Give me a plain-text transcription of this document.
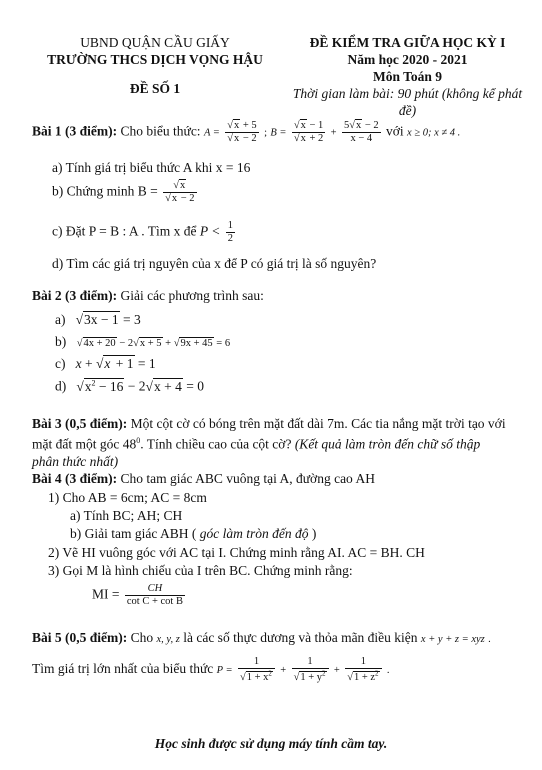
UBND QUẬN CẦU GIẤY
TRƯỜNG THCS DỊCH VỌNG HẬU
ĐỀ SỐ 1
ĐỀ KIỂM TRA GIỮA HỌC KỲ I
Năm học 2020 - 2021
Môn Toán 9
Thời gian làm bài: 90 phút (không kể phát đề)
Bài 1 (3 điểm): Cho biểu thức: A =
√ x + 5
√ x − 2 ; B =
√ x − 1
√ $x + 2 + \frac{5√ x - 2}{x - 4}$ với x ≥ 0; x ≠ 4 .
a) Tính giá trị biểu thức A khi x = 16
b) Chứng minh B =
√ x
√ x − 2
c) Đặt P = B : A . Tìm x để $P < \frac{1}{2}$
d) Tìm các giá trị nguyên của x để P có giá trị là số nguyên?
Bài 2 (3 điểm): Giải các phương trình sau:
a)   √ 3x − 1 = 3
b)    √ 4x + 20 − 2√ x + 5 + √ 9x + 45 = 6
c) x + √ x + 1 = 1
d)   √ $x^2 - 16 - 2√$ x + 4 = 0
Bài 3 (0,5 điểm): Một cột cờ có bóng trên mặt đất dài 7m. Các tia nắng mặt trời tạo với
mặt đất một góc $48^0$. Tính chiều cao của cột cờ? (Kết quả làm tròn đến chữ số thập
phân thức nhất)
Bài 4 (3 điểm): Cho tam giác ABC vuông tại A, đường cao AH
1) Cho AB = 6cm; AC = 8cm
a) Tính BC; AH; CH
b) Giải tam giác ABH ( góc làm tròn đến độ )
2) Vẽ HI vuông góc với AC tại I. Chứng minh rằng AI. AC = BH. CH
3) Gọi M là hình chiếu của I trên BC. Chứng minh rằng:
MI = $\frac{CH}{\text{cot C + cot B}}$
Bài 5 (0,5 điểm): Cho x, y, z là các số thực dương và thỏa mãn điều kiện x + y + z = xyz .
Tìm giá trị lớn nhất của biểu thức P = 1
√ $1 + x^2 + 1$
√ $1 + y^2 + 1$
√ $1 + z^2$ .
Học sinh được sử dụng máy tính cầm tay.
